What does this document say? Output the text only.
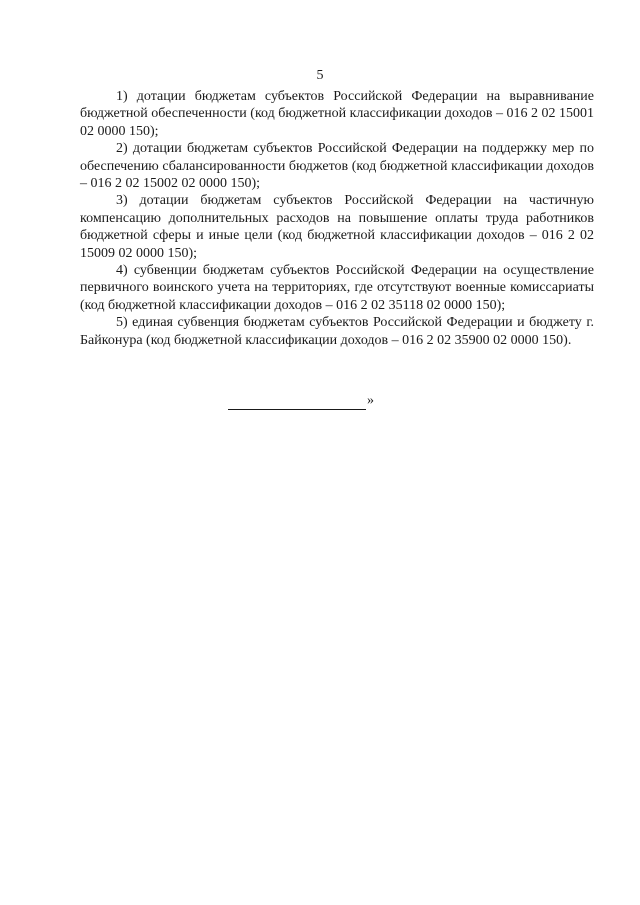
5

1) дотации бюджетам субъектов Российской Федерации на выравнивание бюджетной обеспеченности (код бюджетной классификации доходов – 016 2 02 15001 02 0000 150);

2) дотации бюджетам субъектов Российской Федерации на поддержку мер по обеспечению сбалансированности бюджетов (код бюджетной классификации доходов – 016 2 02 15002 02 0000 150);

3) дотации бюджетам субъектов Российской Федерации на частичную компенсацию дополнительных расходов на повышение оплаты труда работников бюджетной сферы и иные цели (код бюджетной классификации доходов – 016 2 02 15009 02 0000 150);

4) субвенции бюджетам субъектов Российской Федерации на осуществление первичного воинского учета на территориях, где отсутствуют военные комиссариаты (код бюджетной классификации доходов – 016 2 02 35118 02 0000 150);

5) единая субвенция бюджетам субъектов Российской Федерации и бюджету г. Байконура (код бюджетной классификации доходов – 016 2 02 35900 02 0000 150).

»
